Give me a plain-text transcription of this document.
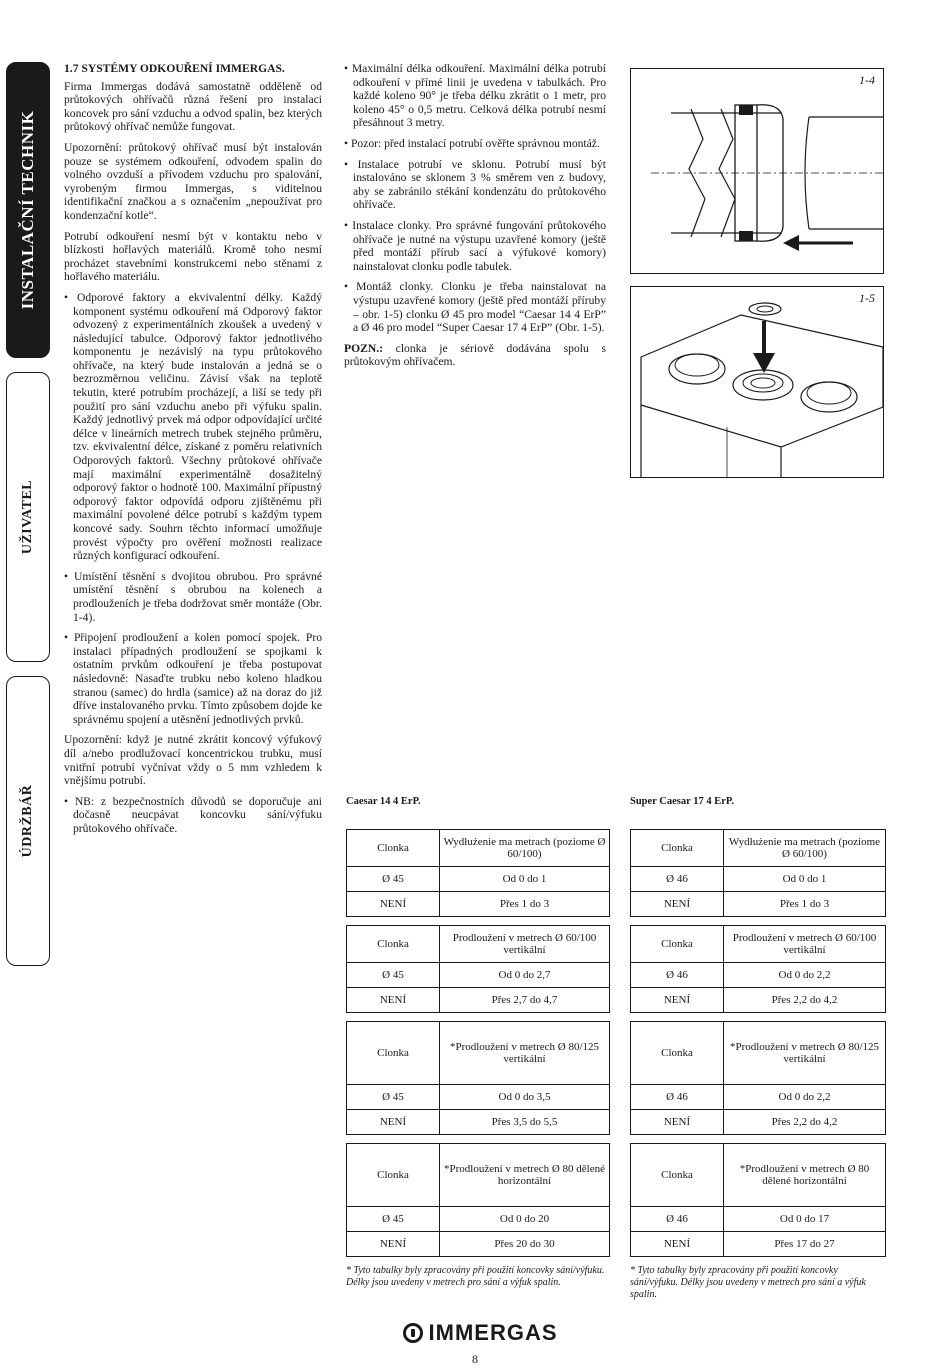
INSTALAČNÍ TECHNIK
UŽIVATEL
ÚDRŽBÁŘ

1.7 SYSTÉMY ODKOUŘENÍ IMMERGAS.

Firma Immergas dodává samostatně odděleně od průtokových ohřívačů různá řešení pro instalaci koncovek pro sání vzduchu a odvod spalin, bez kterých průtokový ohřívač nemůže fungovat.

Upozornění: průtokový ohřívač musí být instalován pouze se systémem odkouření, odvodem spalin do volného ovzduší a přívodem vzduchu pro spalování, vyrobeným firmou Immergas, s viditelnou identifikační značkou a s označením „nepoužívat pro kondenzační kotle“.

Potrubí odkouření nesmí být v kontaktu nebo v blízkosti hořlavých materiálů. Kromě toho nesmí procházet stavebními konstrukcemi nebo stěnami z hořlavého materiálu.

• Odporové faktory a ekvivalentní délky. Každý komponent systému odkouření má Odporový faktor odvozený z experimentálních zkoušek a uvedený v následující tabulce. Odporový faktor jednotlivého komponentu je nezávislý na typu průtokového ohřívače, na který bude instalován a jedná se o bezrozměrnou veličinu. Závisí však na teplotě tekutin, které potrubím procházejí, a liší se tedy při použití pro sání vzduchu anebo při výfuku spalin. Každý jednotlivý prvek má odpor odpovídající určité délce v lineárních metrech trubek stejného průměru, tzv. ekvivalentní délce, získané z poměru relativních Odporových faktorů. Všechny průtokové ohřívače mají maximální experimentálně dosažitelný odporový faktor o hodnotě 100. Maximální přípustný odporový faktor odpovídá odporu zjištěnému při maximální povolené délce potrubí s každým typem koncové sady. Souhrn těchto informací umožňuje provést výpočty pro ověření možnosti realizace různých konfigurací odkouření.

• Umístění těsnění s dvojitou obrubou. Pro správné umístění těsnění s obrubou na kolenech a prodlouženích je třeba dodržovat směr montáže (Obr. 1-4).

• Připojení prodloužení a kolen pomocí spojek. Pro instalaci případných prodloužení se spojkami k ostatním prvkům odkouření je třeba postupovat následovně: Nasaďte trubku nebo koleno hladkou stranou (samec) do hrdla (samice) až na doraz do již dříve instalovaného prvku. Tímto způsobem dojde ke správnému spojení a utěsnění jednotlivých prvků.

Upozornění: když je nutné zkrátit koncový výfukový díl a/nebo prodlužovací koncentrickou trubku, musí vnitřní potrubí vyčnívat vždy o 5 mm vzhledem k vnějšímu potrubí.

• NB: z bezpečnostních důvodů se doporučuje ani dočasně neucpávat koncovku sání/výfuku průtokového ohřívače.

• Maximální délka odkouření. Maximální délka potrubí odkouření v přímé linii je uvedena v tabulkách. Pro každé koleno 90° je třeba délku zkrátit o 1 metr, pro koleno 45° o 0,5 metru. Celková délka potrubí nesmí přesáhnout 3 metry.

• Pozor: před instalací potrubí ověřte správnou montáž.

• Instalace potrubí ve sklonu. Potrubí musí být instalováno se sklonem 3 % směrem ven z budovy, aby se zabránilo stékání kondenzátu do průtokového ohřívače.

• Instalace clonky. Pro správné fungování průtokového ohřívače je nutné na výstupu uzavřené komory (ještě před montáží přírub sací a výfukové komory) nainstalovat clonku podle tabulek.

• Montáž clonky. Clonku je třeba nainstalovat na výstupu uzavřené komory (ještě před montáží příruby – obr. 1-5) clonku Ø 45 pro model “Caesar 14 4 ErP” a Ø 46 pro model “Super Caesar 17 4 ErP” (Obr. 1-5).

POZN.: clonka je sériově dodávána spolu s průtokovým ohřívačem.

1-4
1-5
Caesar 14 4 ErP.
Clonka	Wydłużenie ma metrach (poziome Ø 60/100)
Ø 45	Od 0 do 1
NENÍ	Přes 1 do 3
Clonka	Prodloužení v metrech Ø 60/100 vertikální
Ø 45	Od 0 do 2,7
NENÍ	Přes 2,7 do 4,7
Clonka	*Prodloužení v metrech Ø 80/125 vertikální
Ø 45	Od 0 do 3,5
NENÍ	Přes 3,5 do 5,5
Clonka	*Prodloužení v metrech Ø 80 dělené horizontální
Ø 45	Od 0 do 20
NENÍ	Přes 20 do 30
* Tyto tabulky byly zpracovány při použití koncovky sání/výfuku. Délky jsou uvedeny v metrech pro sání a výfuk spalin.
Super Caesar 17 4 ErP.
Clonka	Wydłużenie ma metrach (poziome Ø 60/100)
Ø 46	Od 0 do 1
NENÍ	Přes 1 do 3
Clonka	Prodloužení v metrech Ø 60/100 vertikální
Ø 46	Od 0 do 2,2
NENÍ	Přes 2,2 do 4,2
Clonka	*Prodloužení v metrech Ø 80/125 vertikální
Ø 46	Od 0 do 2,2
NENÍ	Přes 2,2 do 4,2
Clonka	*Prodloužení v metrech Ø 80 dělené horizontální
Ø 46	Od 0 do 17
NENÍ	Přes 17 do 27
* Tyto tabulky byly zpracovány při použití koncovky sání/výfuku. Délky jsou uvedeny v metrech pro sání a výfuk spalin.
IMMERGAS
8
